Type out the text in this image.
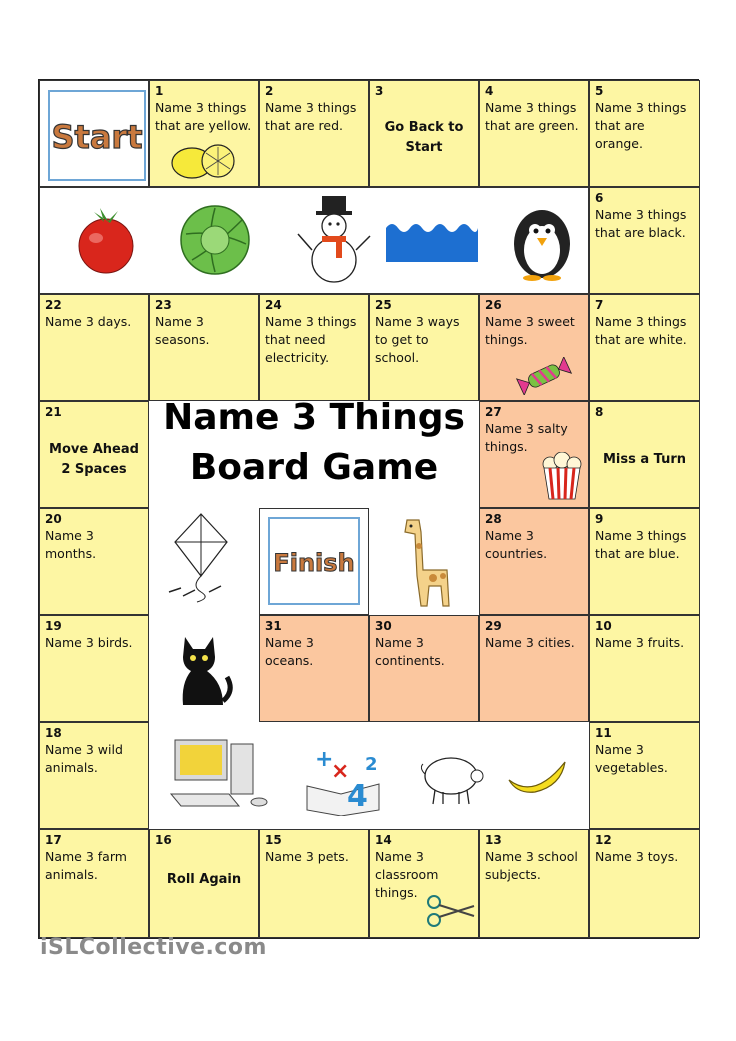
Start
1
Name 3 things that are yellow.
2
Name 3 things that are red.
3
Go Back to Start
4
Name 3 things that are green.
5
Name 3 things that are orange.
6
Name 3 things that are black.
22
Name 3 days.
23
Name 3 seasons.
24
Name 3 things that need electricity.
25
Name 3 ways to get to school.
26
Name 3 sweet things.
7
Name 3 things that are white.
21
Move Ahead 2 Spaces
20
Name 3 months.
19
Name 3 birds.
18
Name 3 wild animals.
8
Miss a Turn
9
Name 3 things that are blue.
10
Name 3 fruits.
11
Name 3 vegetables.
Name 3 Things
Board Game
27
Name 3 salty things.
28
Name 3 countries.
Finish
31
Name 3 oceans.
30
Name 3 continents.
29
Name 3 cities.
+
×
4
2
17
Name 3 farm animals.
16
Roll Again
15
Name 3 pets.
14
Name 3 classroom things.
13
Name 3 school subjects.
12
Name 3 toys.
iSLCollective.com
